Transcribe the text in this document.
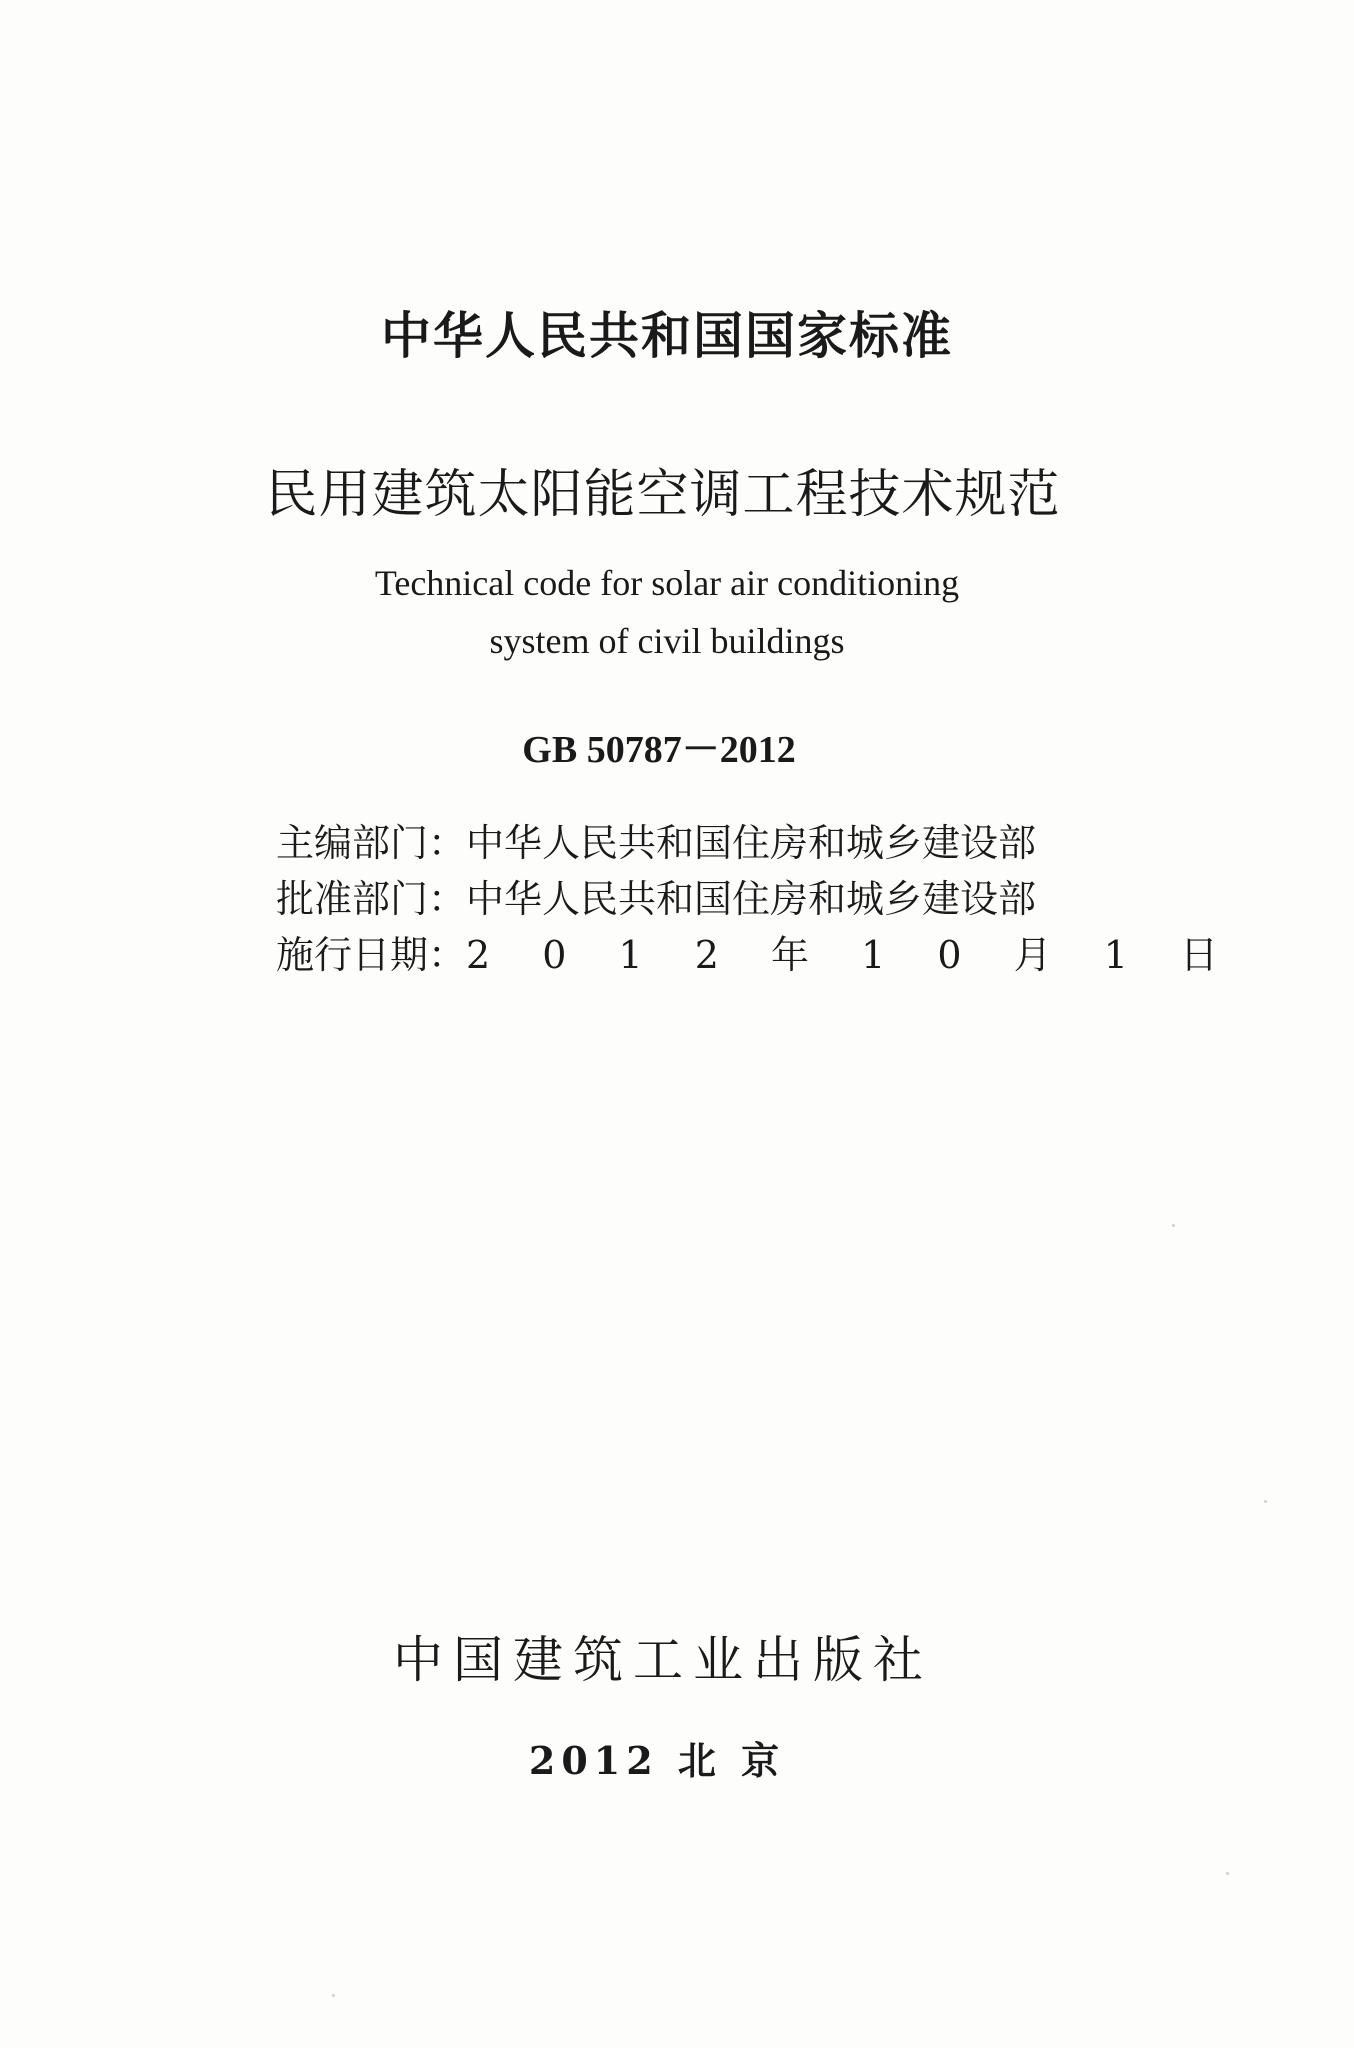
中华人民共和国国家标准
民用建筑太阳能空调工程技术规范
Technical code for solar air conditioning
system of civil buildings
GB 50787－2012
主编部门：中华人民共和国住房和城乡建设部
批准部门：中华人民共和国住房和城乡建设部
施行日期：2 0 1 2 年 1 0 月 1 日
中国建筑工业出版社
2012 北 京
